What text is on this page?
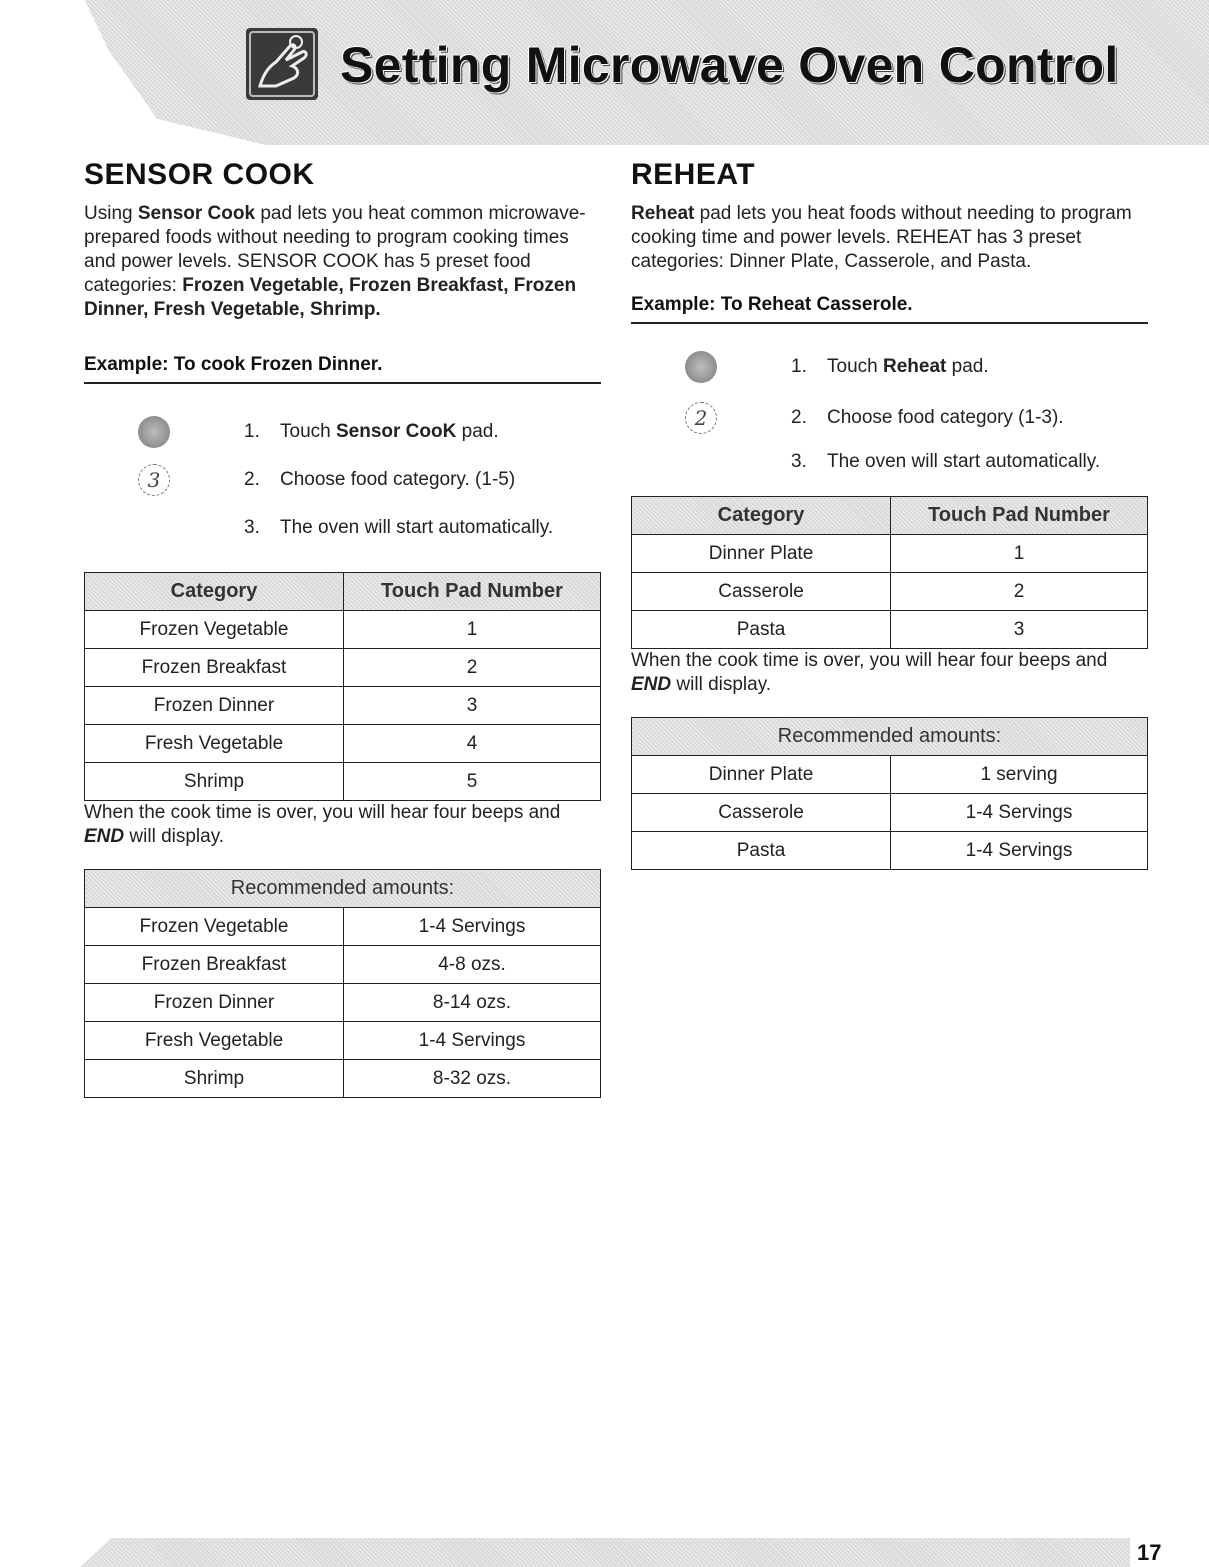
Setting Microwave Oven Control
SENSOR COOK

Using Sensor Cook pad lets you heat common microwave-prepared foods without needing to program cooking times and power levels. SENSOR COOK has 5 preset food categories: Frozen Vegetable, Frozen Breakfast, Frozen Dinner, Fresh Vegetable, Shrimp.

Example: To cook Frozen Dinner.
1. Touch Sensor CooK pad.
3	2. Choose food category. (1-5)
3. The oven will start automatically.
Category	Touch Pad Number
Frozen Vegetable	1
Frozen Breakfast	2
Frozen Dinner	3
Fresh Vegetable	4
Shrimp	5

When the cook time is over, you will hear four beeps and END will display.

Recommended amounts:	
Frozen Vegetable	1-4 Servings
Frozen Breakfast	4-8 ozs.
Frozen Dinner	8-14 ozs.
Fresh Vegetable	1-4 Servings
Shrimp	8-32 ozs.
REHEAT

Reheat pad lets you heat foods without needing to program cooking time and power levels. REHEAT has 3 preset categories: Dinner Plate, Casserole, and Pasta.

Example: To Reheat Casserole.
1. Touch Reheat pad.
2	2. Choose food category (1-3).
3. The oven will start automatically.
Category	Touch Pad Number
Dinner Plate	1
Casserole	2
Pasta	3

When the cook time is over, you will hear four beeps and END will display.

Recommended amounts:	
Dinner Plate	1 serving
Casserole	1-4 Servings
Pasta	1-4 Servings
17
